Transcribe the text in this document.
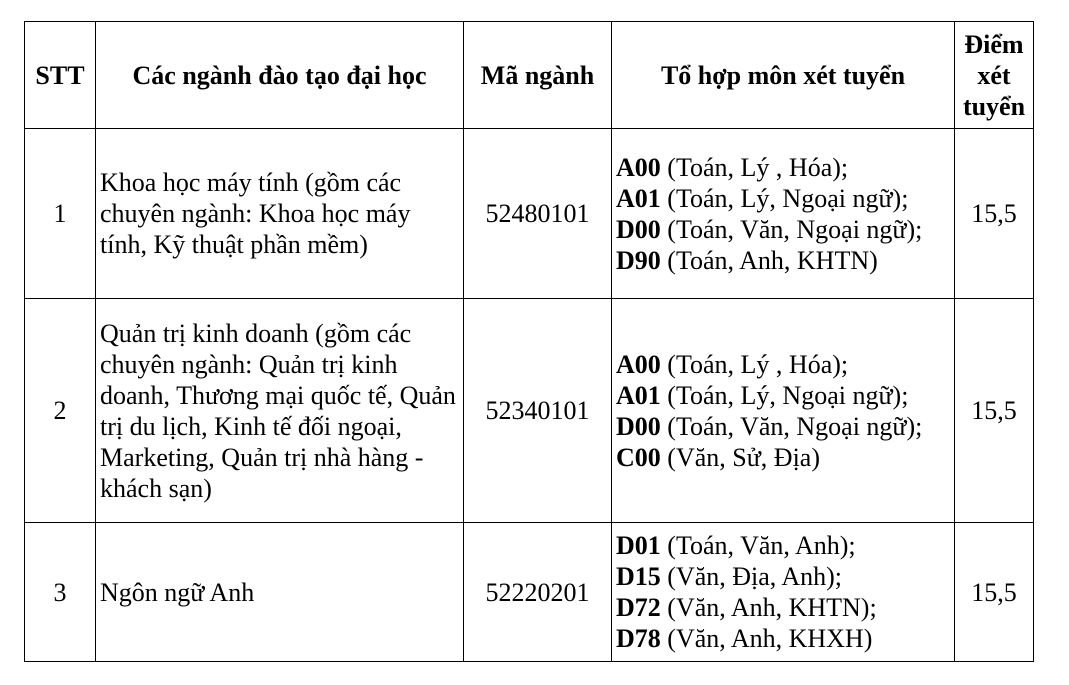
STT	Các ngành đào tạo đại học	Mã ngành	Tổ hợp môn xét tuyển	Điểm
xét
tuyển

1	Khoa học máy tính (gồm các chuyên ngành: Khoa học máy tính, Kỹ thuật phần mềm)	52480101	A00 (Toán, Lý , Hóa);
A01 (Toán, Lý, Ngoại ngữ);
D00 (Toán, Văn, Ngoại ngữ);
D90 (Toán, Anh, KHTN)	15,5
2	Quản trị kinh doanh (gồm các chuyên ngành: Quản trị kinh doanh, Thương mại quốc tế, Quản trị du lịch, Kinh tế đối ngoại, Marketing, Quản trị nhà hàng - khách sạn)	52340101	A00 (Toán, Lý , Hóa);
A01 (Toán, Lý, Ngoại ngữ);
D00 (Toán, Văn, Ngoại ngữ);
C00 (Văn, Sử, Địa)	15,5
3	Ngôn ngữ Anh	52220201	D01 (Toán, Văn, Anh);
D15 (Văn, Địa, Anh);
D72 (Văn, Anh, KHTN);
D78 (Văn, Anh, KHXH)	15,5
